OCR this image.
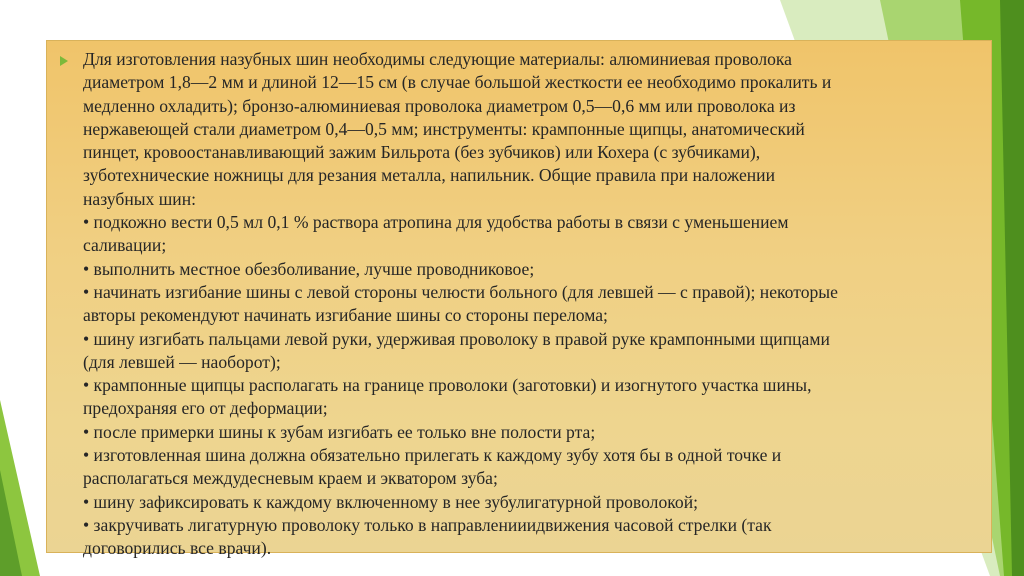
Для изготовления назубных шин необходимы следующие материалы: алюминиевая проволока
диаметром 1,8—2 мм и длиной 12—15 см (в случае большой жесткости ее необходимо прокалить и
медленно охладить); бронзо-алюминиевая проволока диаметром 0,5—0,6 мм или проволока из
нержавеющей стали диаметром 0,4—0,5 мм; инструменты: крампонные щипцы, анатомический
пинцет, кровоостанавливающий зажим Бильрота (без зубчиков) или Кохера (с зубчиками),
зуботехнические ножницы для резания металла, напильник. Общие правила при наложении
назубных шин:
• подкожно вести 0,5 мл 0,1 % раствора атропина для удобства работы в связи с уменьшением
саливации;
• выполнить местное обезболивание, лучше проводниковое;
• начинать изгибание шины с левой стороны челюсти больного (для левшей — с правой); некоторые
авторы рекомендуют начинать изгибание шины со стороны перелома;
• шину изгибать пальцами левой руки, удерживая проволоку в правой руке крампонными щипцами
(для левшей — наоборот);
• крампонные щипцы располагать на границе проволоки (заготовки) и изогнутого участка шины,
предохраняя его от деформации;
• после примерки шины к зубам изгибать ее только вне полости рта;
• изготовленная шина должна обязательно прилегать к каждому зубу хотя бы в одной точке и
располагаться междудесневым краем и экватором зуба;
• шину зафиксировать к каждому включенному в нее зубулигатурной проволокой;
• закручивать лигатурную проволоку только в направленииидвижения часовой стрелки (так
договорились все врачи).
